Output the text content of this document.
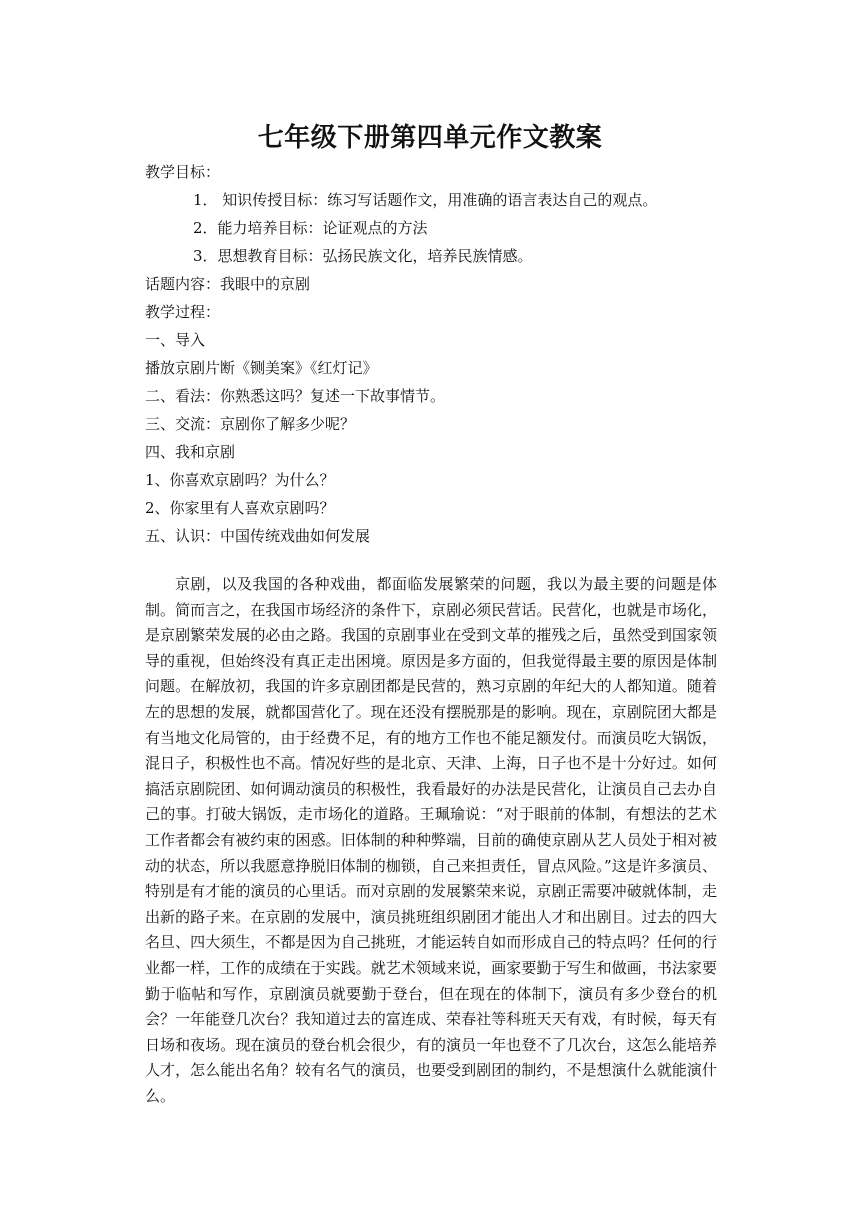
七年级下册第四单元作文教案
教学目标：
1． 知识传授目标：练习写话题作文，用准确的语言表达自己的观点。
2．能力培养目标：论证观点的方法
3．思想教育目标：弘扬民族文化，培养民族情感。
话题内容：我眼中的京剧
教学过程：
一、导入
播放京剧片断《铡美案》《红灯记》
二、看法：你熟悉这吗？复述一下故事情节。
三、交流：京剧你了解多少呢？
四、我和京剧
1、你喜欢京剧吗？为什么？
2、你家里有人喜欢京剧吗？
五、认识：中国传统戏曲如何发展
京剧，以及我国的各种戏曲，都面临发展繁荣的问题，我以为最主要的问题是体制。简而言之，在我国市场经济的条件下，京剧必须民营话。民营化，也就是市场化，是京剧繁荣发展的必由之路。我国的京剧事业在受到文革的摧残之后，虽然受到国家领导的重视，但始终没有真正走出困境。原因是多方面的，但我觉得最主要的原因是体制问题。在解放初，我国的许多京剧团都是民营的，熟习京剧的年纪大的人都知道。随着左的思想的发展，就都国营化了。现在还没有摆脱那是的影响。现在，京剧院团大都是有当地文化局管的，由于经费不足，有的地方工作也不能足额发付。而演员吃大锅饭，混日子，积极性也不高。情况好些的是北京、天津、上海，日子也不是十分好过。如何搞活京剧院团、如何调动演员的积极性，我看最好的办法是民营化，让演员自己去办自己的事。打破大锅饭，走市场化的道路。王珮瑜说：“对于眼前的体制，有想法的艺术工作者都会有被约束的困惑。旧体制的种种弊端，目前的确使京剧从艺人员处于相对被动的状态，所以我愿意挣脱旧体制的枷锁，自己来担责任，冒点风险。”这是许多演员、特别是有才能的演员的心里话。而对京剧的发展繁荣来说，京剧正需要冲破就体制，走出新的路子来。在京剧的发展中，演员挑班组织剧团才能出人才和出剧目。过去的四大名旦、四大须生，不都是因为自己挑班，才能运转自如而形成自己的特点吗？任何的行业都一样，工作的成绩在于实践。就艺术领域来说，画家要勤于写生和做画，书法家要勤于临帖和写作，京剧演员就要勤于登台，但在现在的体制下，演员有多少登台的机会？一年能登几次台？我知道过去的富连成、荣春社等科班天天有戏，有时候，每天有日场和夜场。现在演员的登台机会很少，有的演员一年也登不了几次台，这怎么能培养人才，怎么能出名角？较有名气的演员，也要受到剧团的制约，不是想演什么就能演什么。
